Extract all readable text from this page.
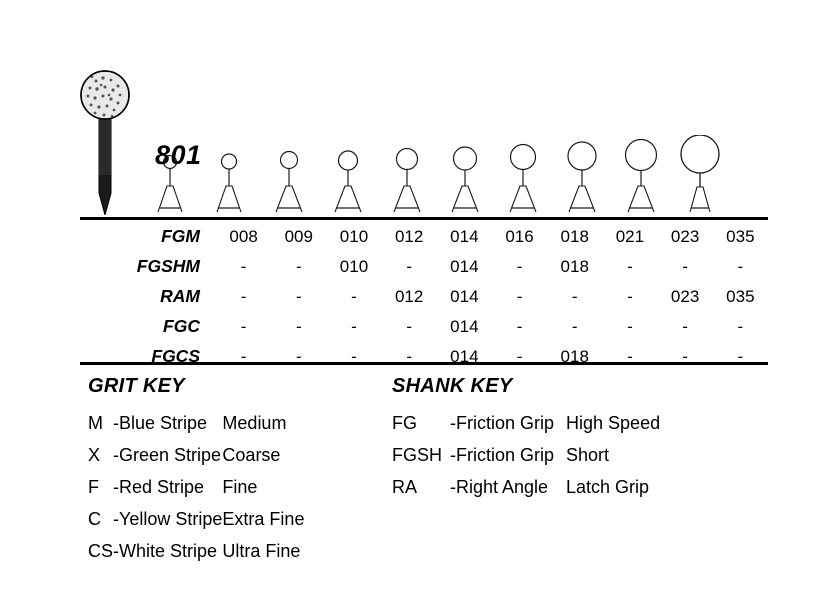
801
FGM	008	009	010	012	014	016	018	021	023	035
FGSHM	-	-	010	-	014	-	018	-	-	-
RAM	-	-	-	012	014	-	-	-	023	035
FGC	-	-	-	-	014	-	-	-	-	-
FGCS	-	-	-	-	014	-	018	-	-	-
GRIT KEY
M	-	Blue Stripe	Medium
X	-	Green Stripe	Coarse
F	-	Red Stripe	Fine
C	-	Yellow Stripe	Extra Fine
CS	-	White Stripe	Ultra Fine
SHANK KEY
FG	-	Friction Grip	High Speed
FGSH	-	Friction Grip	Short
RA	-	Right Angle	Latch Grip
